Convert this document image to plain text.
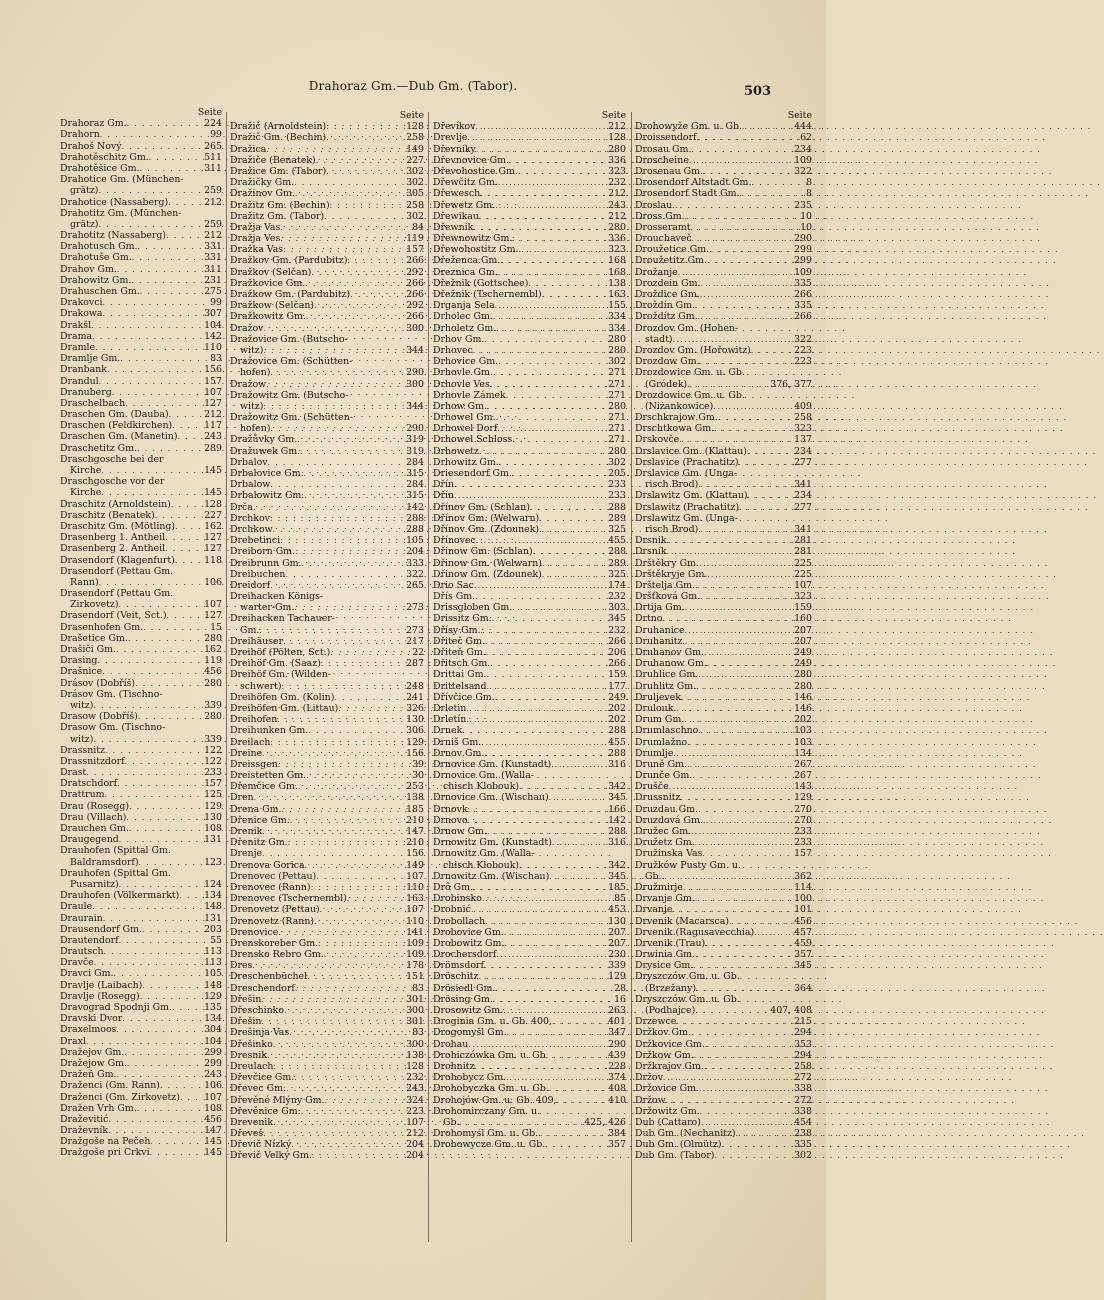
Drahoraz Gm.—Dub Gm. (Tabor).	503
Seite
Drahoraz Gm. . . .	224
Drahorn . . .	99
Drahoš Nový . . .	265
Drahotěschitz Gm. . . .	511
Drahotěšice Gm. . . .	311
Drahotice Gm. (München-
grätz) . . .	259
Drahotice (Nassaberg) . . .	212
Drahotitz Gm. (München-
grätz) . . .	259
Drahotitz (Nassaberg) . . .	212
Drahotusch Gm. . . .	331
Drahotuše Gm. . . .	331
Drahov Gm. . . .	311
Drahowitz Gm. . . .	231
Drahuschen Gm. . . .	275
Drakovci . . .	99
Drakowa . . .	307
Drakšl . . .	104
Drama . . .	142
Dramle . . .	110
Dramlje Gm. . . .	83
Dranbank . . .	156
Drandul . . .	157
Dranuberg . . .	107
Draschelbach . . .	127
Draschen Gm. (Dauba) . . .	212
Draschen (Feldkirchen) . . .	117
Draschen Gm. (Manetin) . . .	243
Draschetitz Gm. . . .	289
Draschgosche bei der
Kirche . . .	145
Draschgosche vor der
Kirche . . .	145
Draschitz (Arnoldstein) . . .	128
Draschitz (Benatek) . . .	227
Draschitz Gm. (Mötling) . . .	162
Drasenberg 1. Antheil . . .	127
Drasenberg 2. Antheil . . .	127
Drasendorf (Klagenfurt) . . .	118
Drasendorf (Pettau Gm.
Rann) . . .	106
Drasendorf (Pettau Gm.
Zirkovetz) . . .	107
Drasendorf (Veit, Sct.) . . .	127
Drasenhofen Gm. . . .	15
Drašetice Gm. . . .	280
Drašiči Gm. . . .	162
Drasing . . .	119
Drašnice . . .	456
Drásov (Dobříš) . . .	280
Drásov Gm. (Tischno-
witz) . . .	339
Drasow (Dobříš) . . .	280
Drasow Gm. (Tischno-
witz) . . .	339
Drassnitz . . .	122
Drassnitzdorf . . .	122
Drast . . .	233
Dratschdorf . . .	157
Drattrum . . .	125
Drau (Rosegg) . . .	129
Drau (Villach) . . .	130
Drauchen Gm. . . .	108
Draugegend . . .	131
Drauhofen (Spittal Gm.
Baldramsdorf) . . .	123
Drauhofen (Spittal Gm.
Pusarnitz) . . .	124
Drauhofen (Völkermarkt) . . .	134
Draule . . .	148
Draurain . . .	131
Drausendorf Gm. . . .	203
Drautendorf . . .	55
Drautsch . . .	113
Dravče . . .	113
Dravci Gm. . . .	105
Dravlje (Laibach) . . .	148
Dravlje (Rosegg) . . .	129
Dravograd Spodnji Gm. . . .	135
Dravski Dvor . . .	134
Draxelmoos . . .	304
Draxl . . .	104
Dražejov Gm. . . .	299
Dražejow Gm. . . .	299
Dražeň Gm. . . .	243
Draženci (Gm. Rann) . . .	106
Draženci (Gm. Zirkovetz) . . .	107
Dražen Vrh Gm. . . .	108
Draževitić . . .	456
Draževník . . .	147
Dražgoše na Pečeh . . .	145
Dražgoše pri Crkvi . . .	145
Seite
Dražič (Arnoldstein) . . .	128
Dražič Gm. (Bechin) . . .	258
Dražica . . .	149
Dražiče (Benatek) . . .	227
Dražice Gm. (Tabor) . . .	302
Dražičky Gm. . . .	302
Dražinov Gm. . . .	305
Dražitz Gm. (Bechin) . . .	258
Dražitz Gm. (Tabor) . . .	302
Dražja Vas . . .	84
Dražja Ves . . .	119
Dražka Vas . . .	157
Dražkov Gm. (Pardubitz) . . .	266
Dražkov (Selčan) . . .	292
Dražkovice Gm. . . .	266
Dražkow Gm. (Pardubitz) . . .	266
Dražkow (Selčan) . . .	292
Dražkowitz Gm. . . .	266
Dražov . . .	300
Dražovice Gm. (Butscho-
witz) . . .	344
Dražovice Gm. (Schütten-
hofen) . . .	290
Dražow . . .	300
Dražowitz Gm. (Butscho-
witz) . . .	344
Dražowitz Gm. (Schütten-
hofen) . . .	290
Dražůvky Gm. . . .	319
Dražuwek Gm. . . .	319
Drbalov . . .	284
Drbalovice Gm. . . .	315
Drbalow . . .	284
Drbalowitz Gm. . . .	315
Drča . . .	142
Drchkov . . .	288
Drchkow . . .	288
Drebetinci . . .	105
Dreiborn Gm. . . .	204
Dreibrunn Gm. . . .	333
Dreibuchen . . .	322
Dreidorf . . .	265
Dreihacken Königs-
warter-Gm. . . .	273
Dreihacken Tachauer-
Gm. . . .	273
Dreihäuser . . .	217
Dreihöf (Pölten, Sct.) . . .	22
Dreihöf Gm. (Saaz) . . .	287
Dreihöf Gm. (Wilden-
schwert) . . .	248
Dreihöfen Gm. (Kolin) . . .	241
Dreihöfen Gm. (Littau) . . .	326
Dreihofen . . .	130
Dreihunken Gm. . . .	306
Dreilach . . .	129
Dreine . . .	156
Dreissgen . . .	39
Dreistetten Gm. . . .	30
Dřemčice Gm. . . .	253
Dren . . .	138
Drena Gm. . . .	185
Dřenice Gm. . . .	210
Drenik . . .	147
Dřenitz Gm. . . .	210
Drenje . . .	156
Drenova Gorica . . .	149
Drenovec (Pettau) . . .	107
Drenovec (Rann) . . .	110
Drenovec (Tschernembl) . . .	163
Drenovetz (Pettau) . . .	107
Drenovetz (Rann) . . .	110
Drenovice . . .	141
Drenskoreber Gm. . . .	109
Drensko Rebro Gm. . . .	109
Dres . . .	178
Dreschenbüchel . . .	151
Dreschendorf . . .	83
Dřešin . . .	301
Dřeschinko . . .	300
Dřešin . . .	301
Drešinja Vas . . .	83
Dřešinko . . .	300
Dresnik . . .	138
Dreulach . . .	128
Dřevčice Gm. . . .	232
Dřevec Gm. . . .	243
Dřevěné Mlýny Gm. . . .	324
Dřevěnice Gm. . . .	223
Drevenik . . .	107
Dřeveš . . .	212
Dřevič Nízký . . .	204
Dřevič Velký Gm. . . .	204
Seite
Dřevíkov . . .	212
Drevlje . . .	128
Dřevníky . . .	280
Dřevnovice Gm. . . .	336
Dřevohostice Gm. . . .	323
Dřewčitz Gm. . . .	232
Dřewesch . . .	212
Dřewetz Gm. . . .	243
Dřewikau . . .	212
Dřewnik . . .	280
Dřewnowitz Gm. . . .	336
Dřewohostitz Gm. . . .	323
Dřeženca Gm. . . .	168
Dreznica Gm. . . .	168
Dřežnik (Gottschee) . . .	138
Dřežnik (Tschernembl) . . .	163
Drganja Sela . . .	155
Drholec Gm. . . .	334
Drholetz Gm. . . .	334
Drhov Gm. . . .	280
Drhovec . . .	280
Drhovice Gm. . . .	302
Drhovle Gm. . . .	271
Drhovle Ves . . .	271
Drhovle Zámek . . .	271
Drhow Gm. . . .	280
Drhowel Gm. . . .	271
Drhowel Dorf . . .	271
Drhowel Schloss . . .	271
Drhowetz . . .	280
Drhowitz Gm. . . .	302
Driesendorf Gm. . . .	205
Dřín . . .	233
Dřín . . .	233
Dřínov Gm. (Schlan) . . .	288
Dřínov Gm. (Welwarn) . . .	289
Dřínov Gm. (Zdounek) . . .	325
Dřínovec . . .	455
Dřinow Gm. (Schlan) . . .	288
Dřinow Gm. (Welwarn) . . .	289
Dřinow Gm. (Zdounek) . . .	325
Drio Sac . . .	174
Dřís Gm. . . .	232
Drissgloben Gm. . . .	303
Drissitz Gm. . . .	345
Dřísy Gm. . . .	232
Dřiteč Gm. . . .	266
Dřiteň Gm. . . .	206
Dřitsch Gm. . . .	266
Drittai Gm. . . .	159
Drittelsand . . .	177
Dřívčice Gm. . . .	249
Drletin . . .	202
Drletín . . .	202
Drnek . . .	288
Drniš Gm. . . .	455
Drnov Gm. . . .	288
Drnovice Gm. (Kunstadt) . . .	316
Drnovice Gm. (Walla-
chisch Klobouk) . . .	342
Drnovice Gm. (Wischau) . . .	345
Drnovk . . .	166
Drnovo . . .	142
Drnow Gm. . . .	288
Drnowitz Gm. (Kunstadt) . . .	316
Drnowitz Gm. (Walla-
chisch Klobouk) . . .	342
Drnowitz Gm. (Wischau) . . .	345
Drô Gm. . . .	185
Drobinsko . . .	85
Drobnić . . .	453
Drobollach . . .	130
Drobovice Gm. . . .	207
Drobowitz Gm. . . .	207
Drochersdorf . . .	230
Drömsdorf . . .	339
Dröschitz . . .	129
Drösiedl Gm. . . .	28
Drösing Gm. . . .	16
Drosowitz Gm. . . .	263
Droginia Gm. u. Gb. 400, . . .	401
Drogomyšl Gm. . . .	347
Drohau . . .	290
Drohiczówka Gm. u. Gb . . .	439
Drohnitz . . .	228
Drohobycz Gm. . . .	374
Drohobyczka Gm. u. Gb. . . .	408
Drohojów Gm. u. Gb. 409, . . .	410
Drohomirczany Gm. u.
Gb. . . .	425, 426
Drohomyśl Gm. u. Gb. . . .	384
Drohowycze Gm. u. Gb. . . .	357
Seite
Drohowyže Gm. u. Gb. . . .	444
Droissendorf . . .	62
Drosau Gm. . . .	234
Droscheine . . .	109
Drosenau Gm. . . .	322
Drosendorf Altstadt Gm. . . .	8
Drosendorf Stadt Gm. . . .	8
Droslau . . .	235
Dross Gm. . . .	10
Drosseramt . . .	10
Drouchaveč . . .	290
Droužetice Gm. . . .	299
Droužetitz Gm. . . .	299
Drožanje . . .	109
Drozdein Gm. . . .	335
Droždice Gm. . . .	266
Droždín Gm. . . .	335
Droždítz Gm. . . .	266
Drozdov Gm. (Hohen-
stadt) . . .	322
Drozdov Gm. (Hořowitz) . . .	223
Drozdow Gm. . . .	223
Drozdowice Gm. u. Gb.
(Gródek) . . .	376, 377
Drozdowice Gm. u. Gb.
(Niżankowice) . . .	409
Drschkrajow Gm. . . .	258
Drschtkowa Gm. . . .	323
Drskovče . . .	137
Drslavice Gm. (Klattau) . . .	234
Drslavice (Prachatitz) . . .	277
Drslavice Gm. (Unga-
risch Brod) . . .	341
Drslawitz Gm. (Klattau) . . .	234
Drslawitz (Prachatitz) . . .	277
Drslawitz Gm. (Unga-
risch Brod) . . .	341
Drsnik . . .	281
Drsník . . .	281
Drštěkry Gm. . . .	225
Drštěkryje Gm. . . .	225
Drštelja Gm. . . .	107
Dršťková Gm. . . .	323
Drtija Gm. . . .	159
Drtno . . .	160
Druhanice . . .	207
Druhanitz . . .	207
Druhanov Gm. . . .	249
Druhanow Gm. . . .	249
Druhlice Gm. . . .	280
Druhlitz Gm. . . .	280
Druljevek . . .	146
Drulouk . . .	146
Drum Gm. . . .	202
Drumlaschno . . .	103
Drumlažno . . .	103
Drumlje . . .	134
Druně Gm. . . .	267
Drunče Gm. . . .	267
Drušče . . .	143
Drussnitz . . .	129
Druzdau Gm. . . .	270
Druzdová Gm. . . .	270
Družec Gm. . . .	233
Družetz Gm. . . .	233
Družinska Vas . . .	157
Družków Pusty Gm. u.
Gb. . . .	362
Družmirje . . .	114
Drvanje Gm. . . .	100
Drvanje . . .	101
Drvenik (Macarsca) . . .	456
Drvenik (Ragusavecchia) . . .	457
Drvenik (Trau) . . .	459
Drwinia Gm. . . .	357
Drysice Gm. . . .	345
Dryszczów Gm. u. Gb.
(Brzežany) . . .	364
Dryszczów Gm. u. Gb.
(Podhajce) . . .	407, 408
Drzewce . . .	215
Držkov Gm. . . .	294
Držkovice Gm. . . .	353
Držkow Gm. . . .	294
Držkrajov Gm. . . .	258
Držov . . .	272
Držovice Gm. . . .	338
Držow . . .	272
Držowitz Gm. . . .	338
Dub (Cattaro) . . .	454
Dub Gm. (Nechanitz) . . .	238
Dub Gm. (Olmütz) . . .	335
Dub Gm. (Tabor) . . .	302
